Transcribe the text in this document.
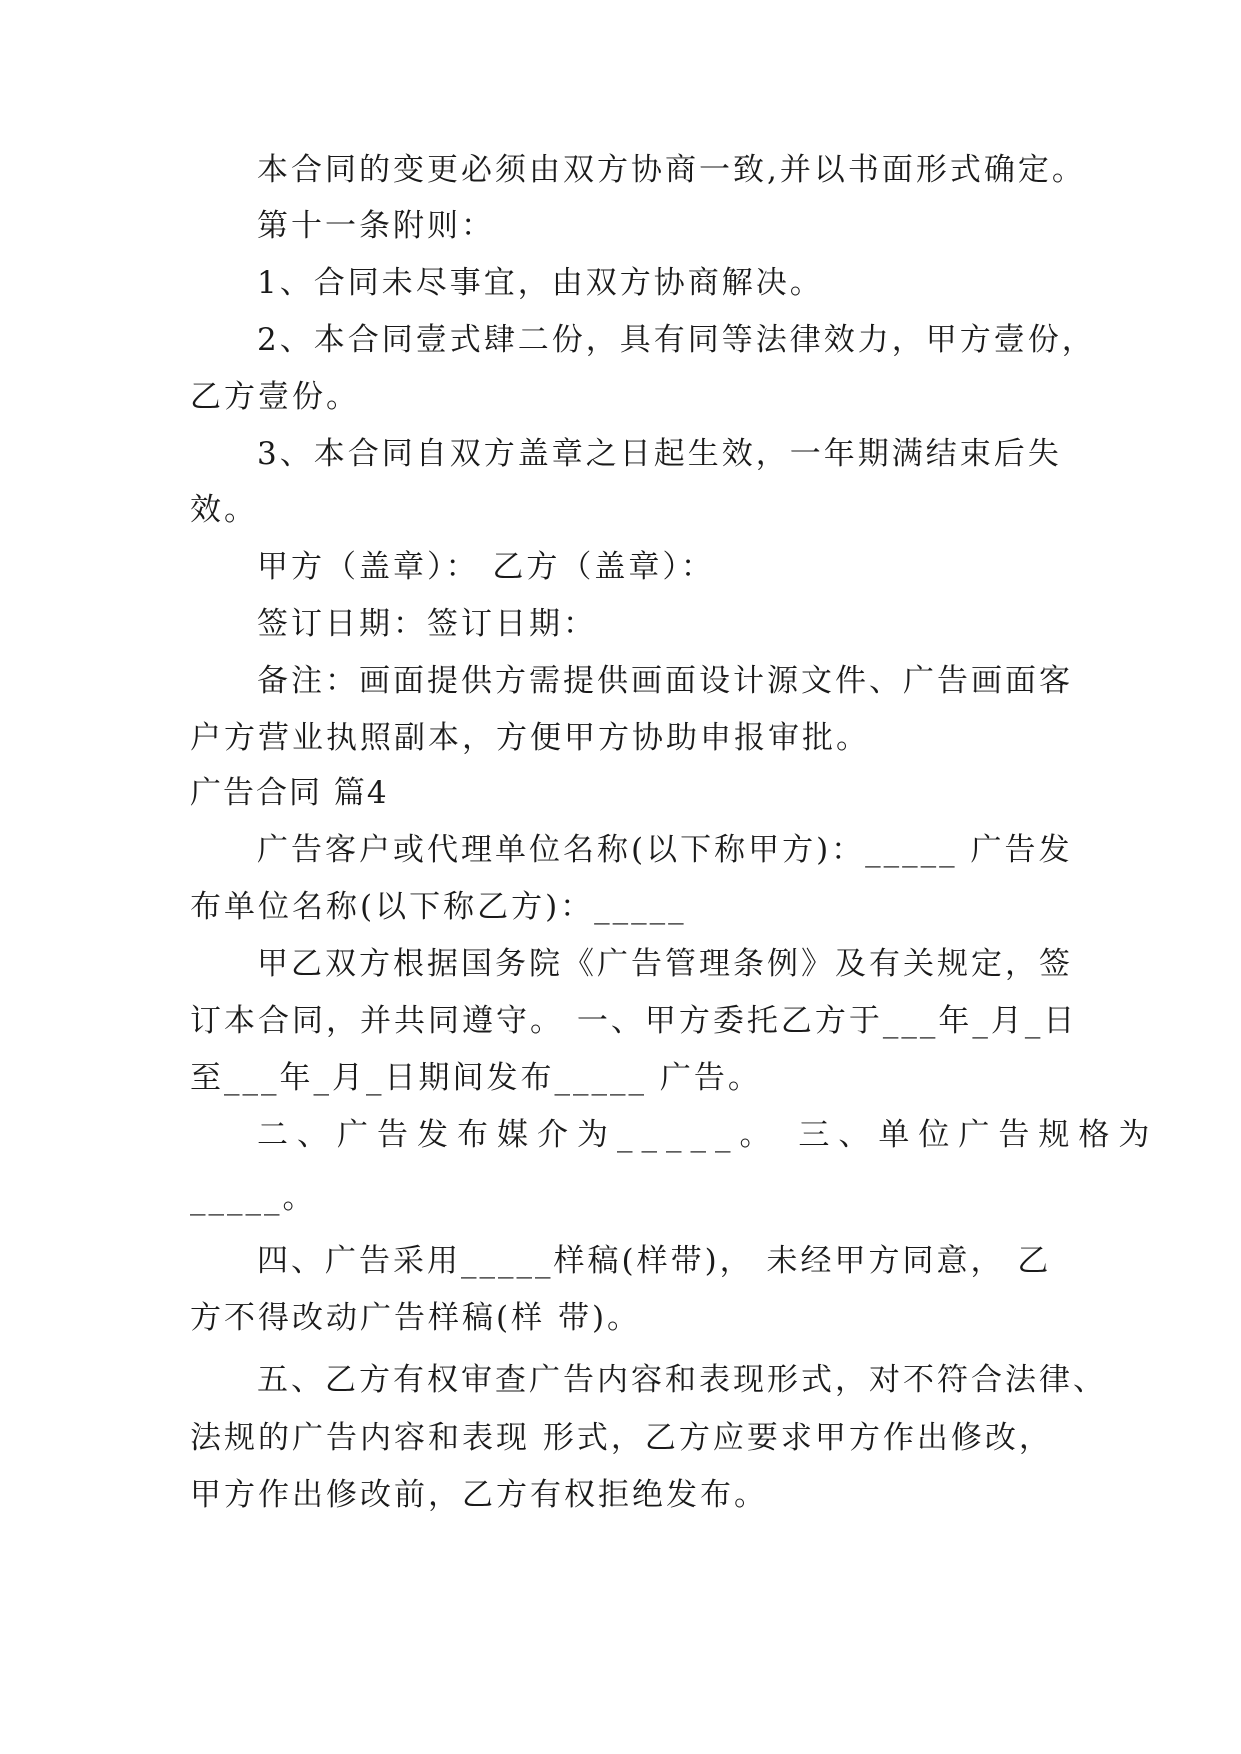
本合同的变更必须由双方协商一致,并以书面形式确定。
第十一条附则：
1、合同未尽事宜，由双方协商解决。
2、本合同壹式肆二份，具有同等法律效力，甲方壹份，
乙方壹份。
3、本合同自双方盖章之日起生效，一年期满结束后失
效。
甲方（盖章）： 乙方（盖章）：
签订日期：签订日期：
备注：画面提供方需提供画面设计源文件、广告画面客
户方营业执照副本，方便甲方协助申报审批。
广告合同 篇4
广告客户或代理单位名称(以下称甲方)：_____ 广告发
布单位名称(以下称乙方)：_____
甲乙双方根据国务院《广告管理条例》及有关规定，签
订本合同，并共同遵守。 一、甲方委托乙方于___年_月_日
至___年_月_日期间发布_____ 广告。
二、广告发布媒介为_____。 三、单位广告规格为
_____。
四、广告采用_____样稿(样带)， 未经甲方同意， 乙
方不得改动广告样稿(样 带)。
五、乙方有权审查广告内容和表现形式，对不符合法律、
法规的广告内容和表现 形式，乙方应要求甲方作出修改，
甲方作出修改前，乙方有权拒绝发布。
